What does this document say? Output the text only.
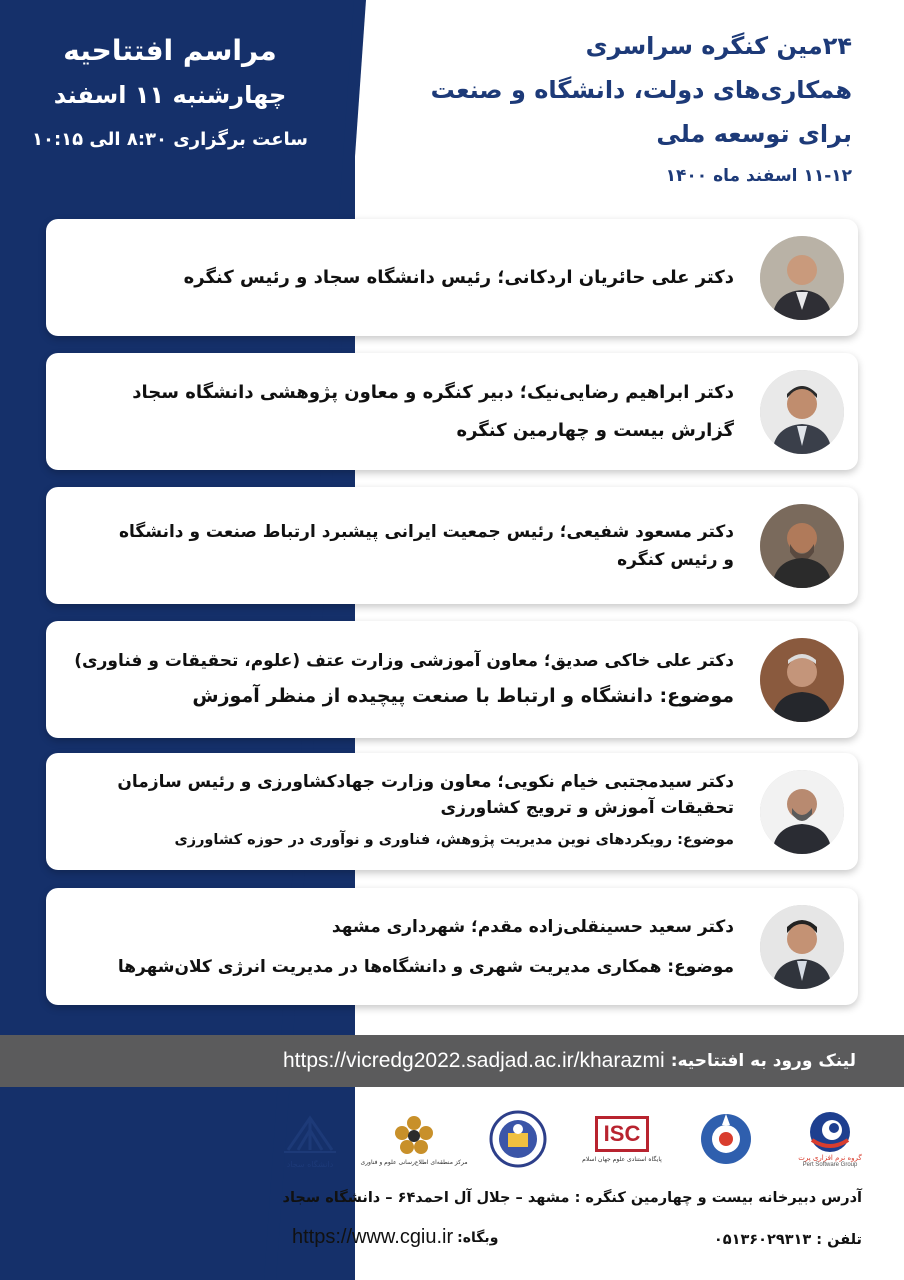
مراسم افتتاحیه
چهارشنبه ۱۱ اسفند
ساعت برگزاری ۸:۳۰ الی ۱۰:۱۵
۲۴مین کنگره سراسری
همکاری‌های دولت، دانشگاه و صنعت
برای توسعه ملی
۱۱-۱۲ اسفند ماه ۱۴۰۰
دکتر علی حائریان اردکانی؛ رئیس دانشگاه سجاد و رئیس کنگره
دکتر ابراهیم رضایی‌نیک؛ دبیر کنگره و معاون پژوهشی دانشگاه سجاد
گزارش بیست و چهارمین کنگره
دکتر مسعود شفیعی؛ رئیس جمعیت ایرانی پیشبرد ارتباط صنعت و دانشگاه
و رئیس کنگره
دکتر علی خاکی صدیق؛ معاون آموزشی وزارت عتف (علوم، تحقیقات و فناوری)
موضوع: دانشگاه و ارتباط با صنعت پیچیده از منظر آموزش
دکتر سیدمجتبی خیام نکویی؛ معاون وزارت جهادکشاورزی و رئیس سازمان
تحقیقات آموزش و ترویج کشاورزی
موضوع: رویکردهای نوین مدیریت پژوهش، فناوری و نوآوری در حوزه کشاورزی
دکتر سعید حسینقلی‌زاده مقدم؛ شهرداری مشهد
موضوع: همکاری مدیریت شهری و دانشگاه‌ها در مدیریت انرژی کلان‌شهرها
لینک ورود به افتتاحیه:
https://vicredg2022.sadjad.ac.ir/kharazmi
دانشگاه سجاد	مرکز منطقه‌ای اطلاع‌رسانی علوم و فناوری
ISC
پایگاه استنادی علوم جهان اسلام	گروه نرم افزاری پرت
Pert Software Group
آدرس دبیرخانه بیست و چهارمین کنگره : مشهد – جلال آل احمد۶۴ – دانشگاه سجاد
تلفن : ۰۵۱۳۶۰۲۹۳۱۳
وبگاه:
https://www.cgiu.ir
